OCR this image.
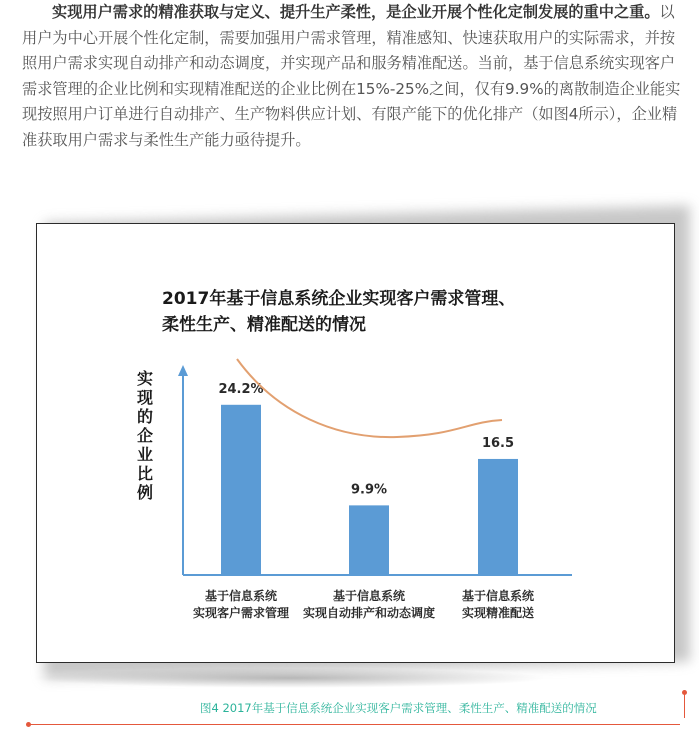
实现用户需求的精准获取与定义、提升生产柔性，是企业开展个性化定制发展的重中之重。以用户为中心开展个性化定制，需要加强用户需求管理，精准感知、快速获取用户的实际需求，并按照用户需求实现自动排产和动态调度，并实现产品和服务精准配送。当前，基于信息系统实现客户需求管理的企业比例和实现精准配送的企业比例在15%-25%之间，仅有9.9%的离散制造企业能实现按照用户订单进行自动排产、生产物料供应计划、有限产能下的优化排产（如图4所示），企业精准获取用户需求与柔性生产能力亟待提升。
2017年基于信息系统企业实现客户需求管理、
柔性生产、精准配送的情况
实
现
的
企
业
比
例
24.2%
基于信息系统
实现客户需求管理
9.9%
基于信息系统
实现自动排产和动态调度
16.5
基于信息系统
实现精准配送
图4 2017年基于信息系统企业实现客户需求管理、柔性生产、精准配送的情况
